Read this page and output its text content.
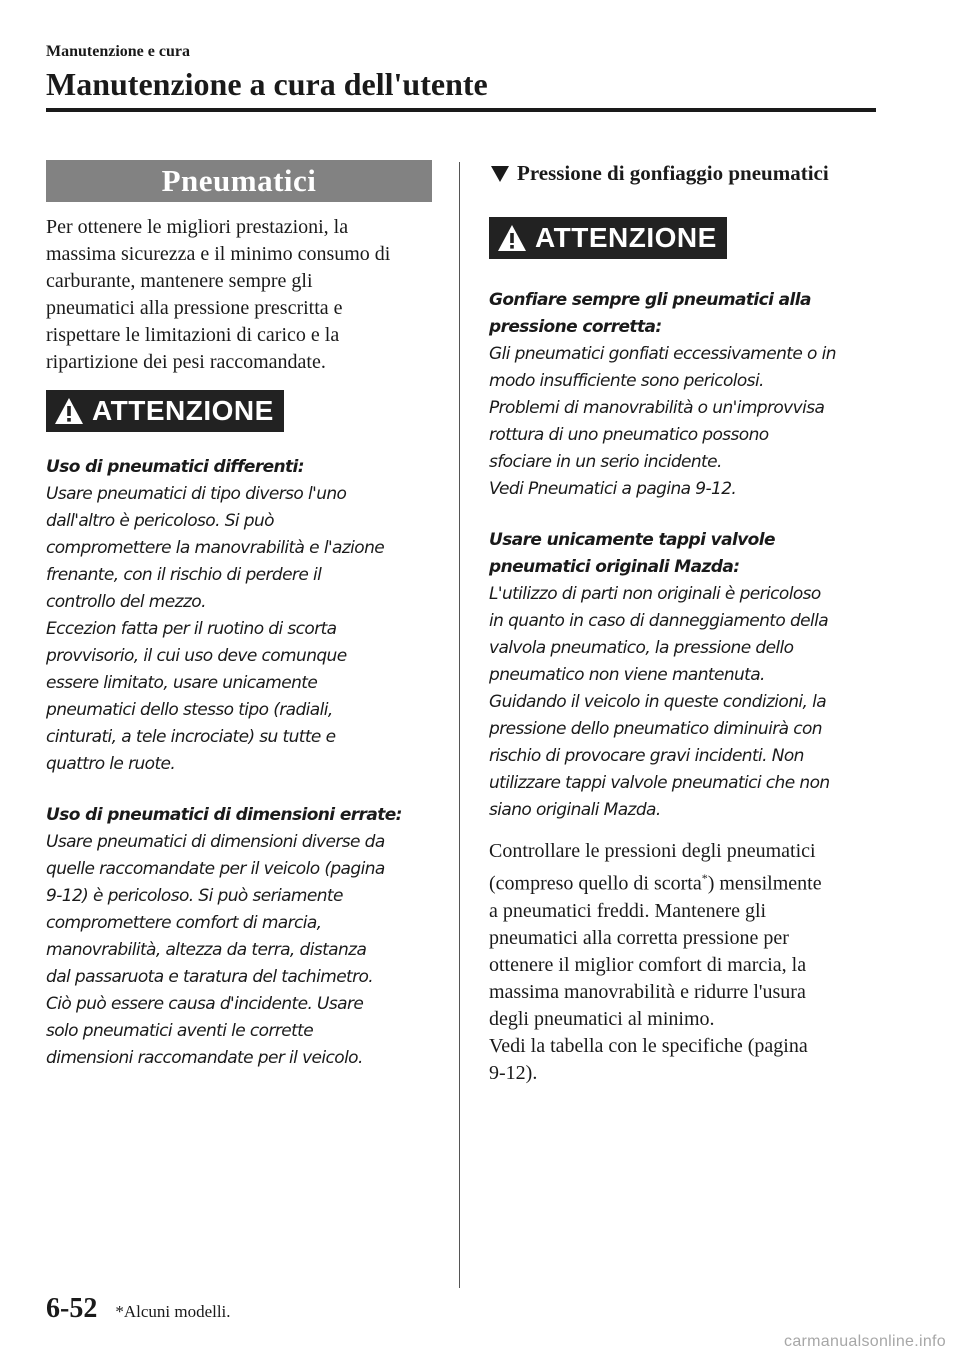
Manutenzione e cura
Manutenzione a cura dell'utente
Pneumatici
Per ottenere le migliori prestazioni, la
massima sicurezza e il minimo consumo di
carburante, mantenere sempre gli
pneumatici alla pressione prescritta e
rispettare le limitazioni di carico e la
ripartizione dei pesi raccomandate.
ATTENZIONE
Uso di pneumatici differenti:
Usare pneumatici di tipo diverso l'uno
dall'altro è pericoloso. Si può
compromettere la manovrabilità e l'azione
frenante, con il rischio di perdere il
controllo del mezzo.
Eccezion fatta per il ruotino di scorta
provvisorio, il cui uso deve comunque
essere limitato, usare unicamente
pneumatici dello stesso tipo (radiali,
cinturati, a tele incrociate) su tutte e
quattro le ruote.
Uso di pneumatici di dimensioni errate:
Usare pneumatici di dimensioni diverse da
quelle raccomandate per il veicolo (pagina
9-12) è pericoloso. Si può seriamente
compromettere comfort di marcia,
manovrabilità, altezza da terra, distanza
dal passaruota e taratura del tachimetro.
Ciò può essere causa d'incidente. Usare
solo pneumatici aventi le corrette
dimensioni raccomandate per il veicolo.
Pressione di gonfiaggio pneumatici
ATTENZIONE
Gonfiare sempre gli pneumatici alla
pressione corretta:
Gli pneumatici gonfiati eccessivamente o in
modo insufficiente sono pericolosi.
Problemi di manovrabilità o un'improvvisa
rottura di uno pneumatico possono
sfociare in un serio incidente.
Vedi Pneumatici a pagina 9-12.
Usare unicamente tappi valvole
pneumatici originali Mazda:
L'utilizzo di parti non originali è pericoloso
in quanto in caso di danneggiamento della
valvola pneumatico, la pressione dello
pneumatico non viene mantenuta.
Guidando il veicolo in queste condizioni, la
pressione dello pneumatico diminuirà con
rischio di provocare gravi incidenti. Non
utilizzare tappi valvole pneumatici che non
siano originali Mazda.
Controllare le pressioni degli pneumatici
(compreso quello di scorta*) mensilmente
a pneumatici freddi. Mantenere gli
pneumatici alla corretta pressione per
ottenere il miglior comfort di marcia, la
massima manovrabilità e ridurre l'usura
degli pneumatici al minimo.
Vedi la tabella con le specifiche (pagina
9-12).
6-52 *Alcuni modelli.
carmanualsonline.info
